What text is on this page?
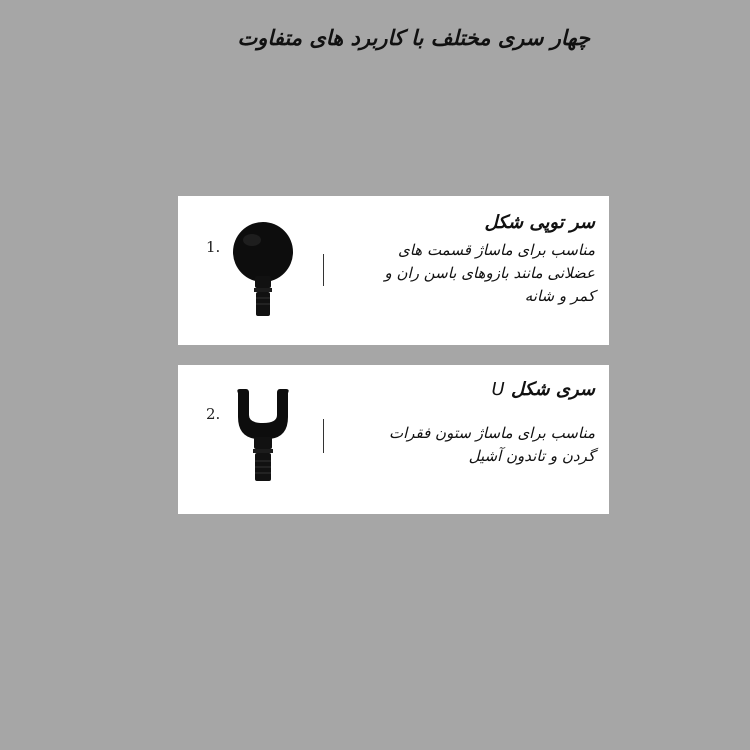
چهار سری مختلف با کاربرد های متفاوت
1.
سر توپی شکل
مناسب برای ماساژ قسمت های
عضلانی مانند بازوهای باسن ران و
کمر و شانه
2.
سری شکل U
مناسب برای ماساژ ستون فقرات
گردن و تاندون آشیل
